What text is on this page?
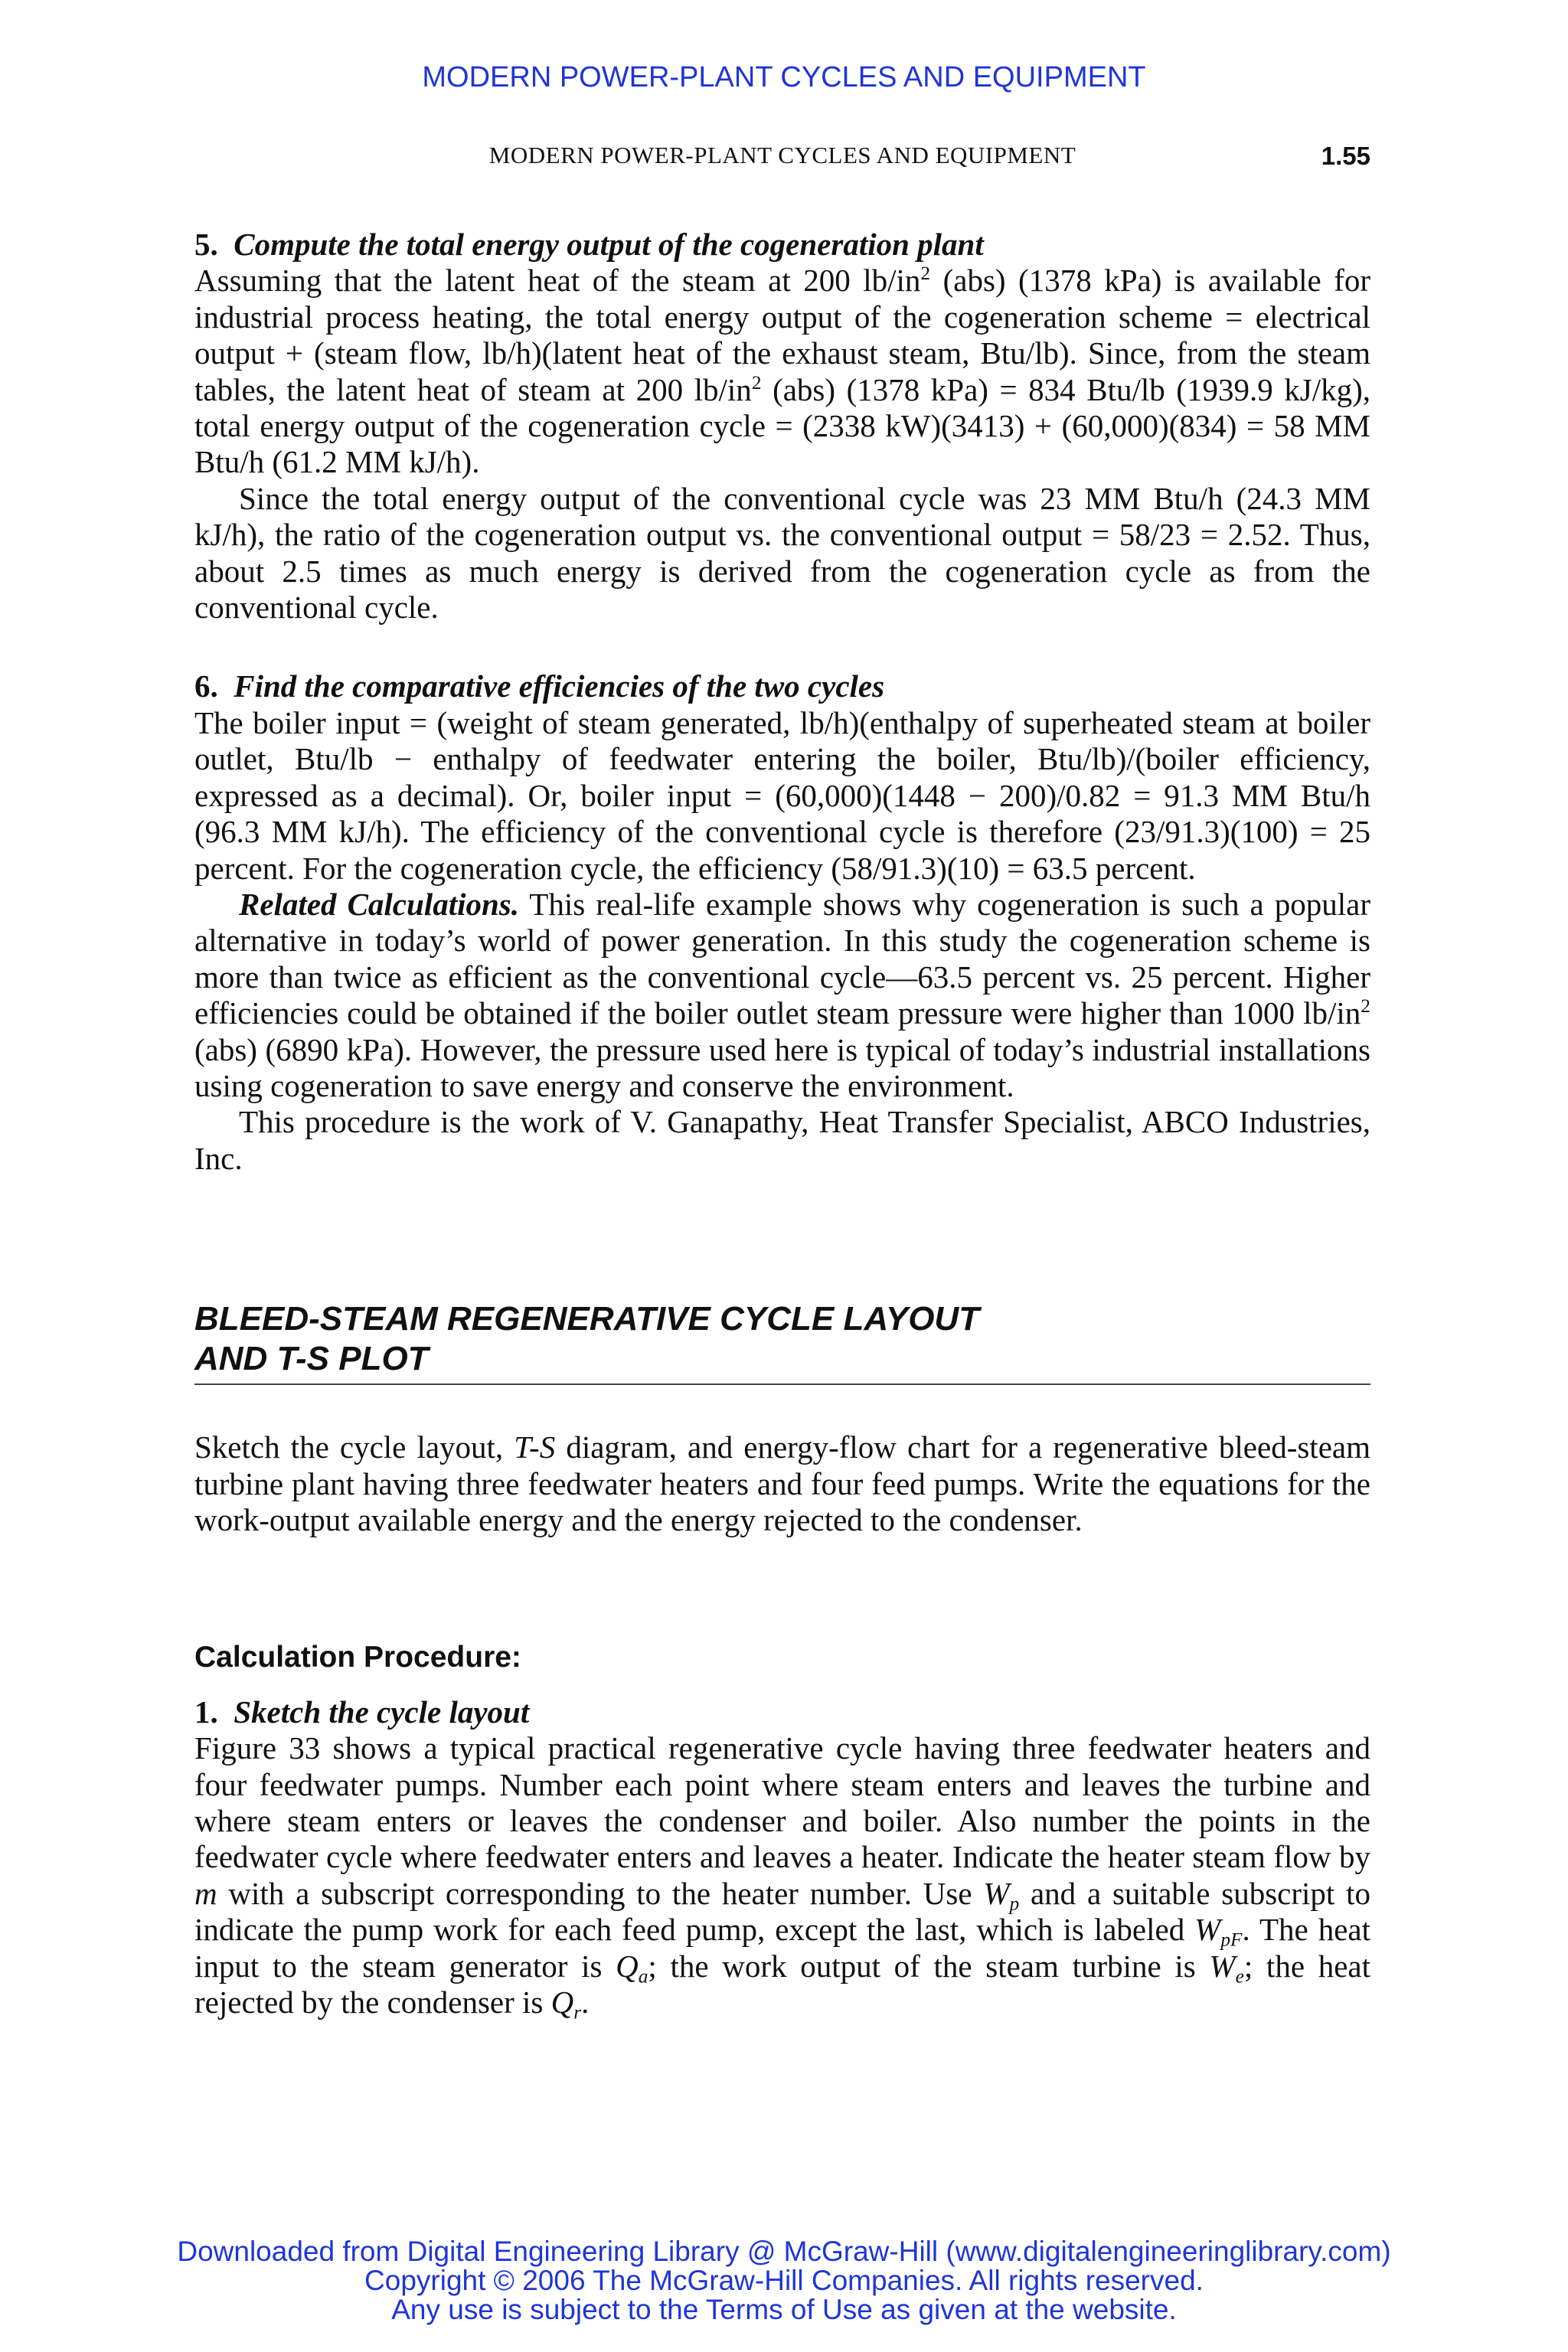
MODERN POWER-PLANT CYCLES AND EQUIPMENT
MODERN POWER-PLANT CYCLES AND EQUIPMENT	1.55

5. Compute the total energy output of the cogeneration plant

Assuming that the latent heat of the steam at 200 $lb/in^2$ (abs) (1378 kPa) is available for industrial process heating, the total energy output of the cogeneration scheme = electrical output + (steam flow, lb/h)(latent heat of the exhaust steam, Btu/lb). Since, from the steam tables, the latent heat of steam at 200 $lb/in^2$ (abs) (1378 kPa) = 834 Btu/lb (1939.9 kJ/kg), total energy output of the cogeneration cycle = (2338 kW)(3413) + (60,000)(834) = 58 MM Btu/h (61.2 MM kJ/h).

Since the total energy output of the conventional cycle was 23 MM Btu/h (24.3 MM kJ/h), the ratio of the cogeneration output vs. the conventional output = 58/23 = 2.52. Thus, about 2.5 times as much energy is derived from the cogeneration cycle as from the conventional cycle.

6. Find the comparative efficiencies of the two cycles

The boiler input = (weight of steam generated, lb/h)(enthalpy of superheated steam at boiler outlet, Btu/lb − enthalpy of feedwater entering the boiler, Btu/lb)/(boiler efficiency, expressed as a decimal). Or, boiler input = (60,000)(1448 − 200)/0.82 = 91.3 MM Btu/h (96.3 MM kJ/h). The efficiency of the conventional cycle is therefore (23/91.3)(100) = 25 percent. For the cogeneration cycle, the efficiency (58/91.3)(10) = 63.5 percent.

Related Calculations. This real-life example shows why cogeneration is such a popular alternative in today’s world of power generation. In this study the cogeneration scheme is more than twice as efficient as the conventional cycle—63.5 percent vs. 25 percent. Higher efficiencies could be obtained if the boiler outlet steam pressure were higher than 1000 $lb/in^2$ (abs) (6890 kPa). However, the pressure used here is typical of today’s industrial installations using cogeneration to save energy and conserve the environment.

This procedure is the work of V. Ganapathy, Heat Transfer Specialist, ABCO Industries, Inc.

BLEED-STEAM REGENERATIVE CYCLE LAYOUT
AND T-S PLOT

Sketch the cycle layout, T-S diagram, and energy-flow chart for a regenerative bleed-steam turbine plant having three feedwater heaters and four feed pumps. Write the equations for the work-output available energy and the energy rejected to the condenser.

Calculation Procedure:

1. Sketch the cycle layout

Figure 33 shows a typical practical regenerative cycle having three feedwater heaters and four feedwater pumps. Number each point where steam enters and leaves the turbine and where steam enters or leaves the condenser and boiler. Also number the points in the feedwater cycle where feedwater enters and leaves a heater. Indicate the heater steam flow by m with a subscript corresponding to the heater number. Use $W_p$ and a suitable subscript to indicate the pump work for each feed pump, except the last, which is labeled $W_{pF}$. The heat input to the steam generator is $Q_a$; the work output of the steam turbine is $W_e$; the heat rejected by the condenser is $Q_r$.

Downloaded from Digital Engineering Library @ McGraw-Hill (www.digitalengineeringlibrary.com)
Copyright © 2006 The McGraw-Hill Companies. All rights reserved.
Any use is subject to the Terms of Use as given at the website.
